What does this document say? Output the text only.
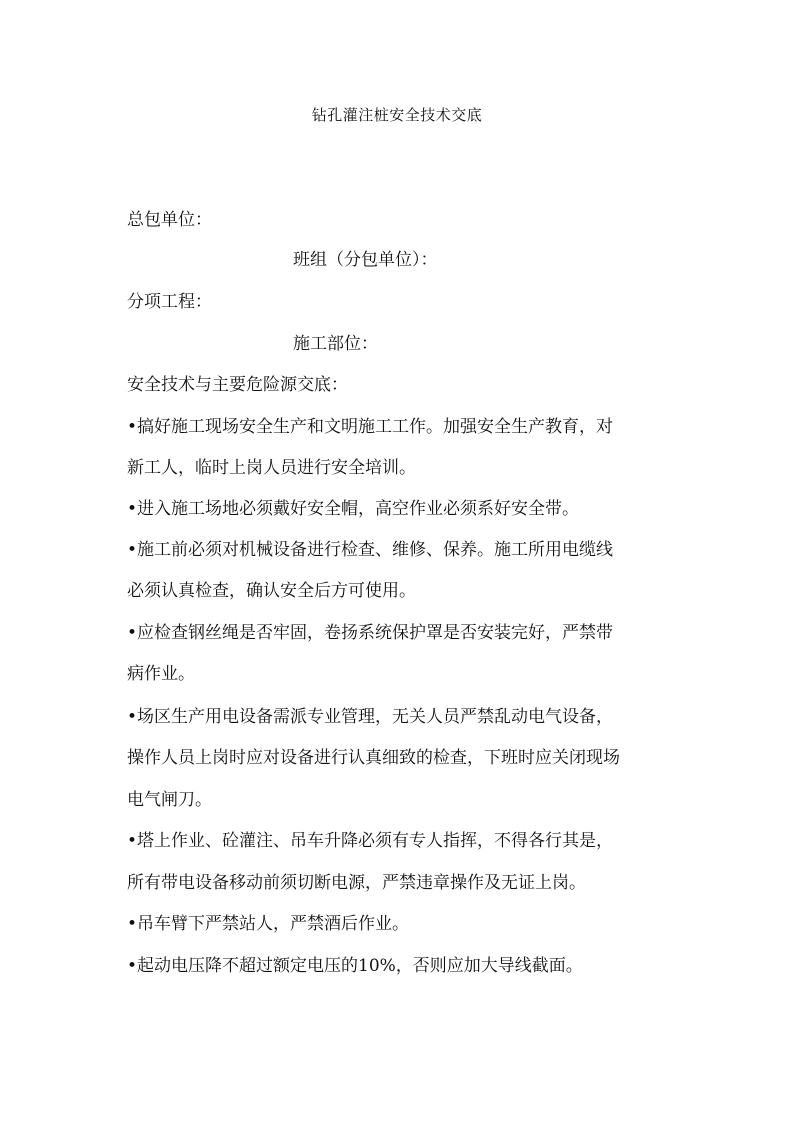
钻孔灌注桩安全技术交底
总包单位：
班组（分包单位）：
分项工程：
施工部位：
安全技术与主要危险源交底：
•搞好施工现场安全生产和文明施工工作。加强安全生产教育，对
新工人，临时上岗人员进行安全培训。
•进入施工场地必须戴好安全帽，高空作业必须系好安全带。
•施工前必须对机械设备进行检查、维修、保养。施工所用电缆线
必须认真检查，确认安全后方可使用。
•应检查钢丝绳是否牢固，卷扬系统保护罩是否安装完好，严禁带
病作业。
•场区生产用电设备需派专业管理，无关人员严禁乱动电气设备，
操作人员上岗时应对设备进行认真细致的检查，下班时应关闭现场
电气闸刀。
•塔上作业、砼灌注、吊车升降必须有专人指挥，不得各行其是，
所有带电设备移动前须切断电源，严禁违章操作及无证上岗。
•吊车臂下严禁站人，严禁酒后作业。
•起动电压降不超过额定电压的10%，否则应加大导线截面。
